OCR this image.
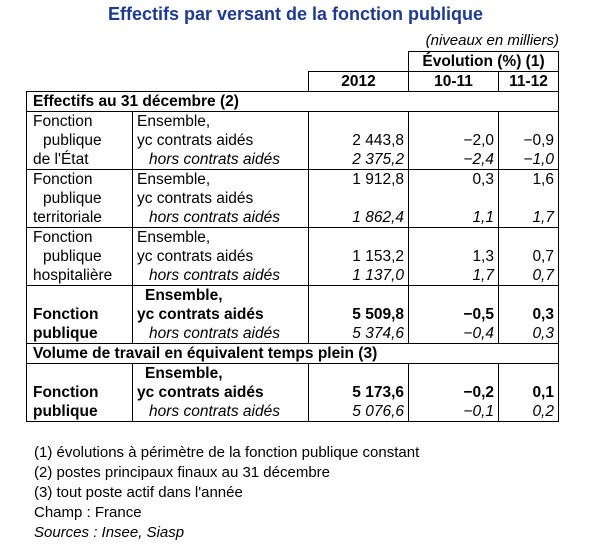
Effectifs par versant de la fonction publique
(niveaux en milliers)
			Évolution (%) (1)	
		2012	10-11	11-12
Effectifs au 31 décembre (2)				

Fonction
publique
de l'État	Ensemble,			
	yc contrats aidés	2 443,8	−2,0	−0,9
	hors contrats aidés	2 375,2	−2,4	−1,0

Fonction
publique
territoriale	Ensemble,	1 912,8	0,3	1,6
	yc contrats aidés			
	hors contrats aidés	1 862,4	1,1	1,7

Fonction
publique
hospitalière	Ensemble,			
	yc contrats aidés	1 153,2	1,3	0,7
	hors contrats aidés	1 137,0	1,7	0,7

Fonction
publique	Ensemble,			
	yc contrats aidés	5 509,8	−0,5	0,3
	hors contrats aidés	5 374,6	−0,4	0,3
Volume de travail en équivalent temps plein (3)				

Fonction
publique	Ensemble,			
	yc contrats aidés	5 173,6	−0,2	0,1
	hors contrats aidés	5 076,6	−0,1	0,2
(1) évolutions à périmètre de la fonction publique constant
(2) postes principaux finaux au 31 décembre
(3) tout poste actif dans l'année
Champ : France
Sources : Insee, Siasp
